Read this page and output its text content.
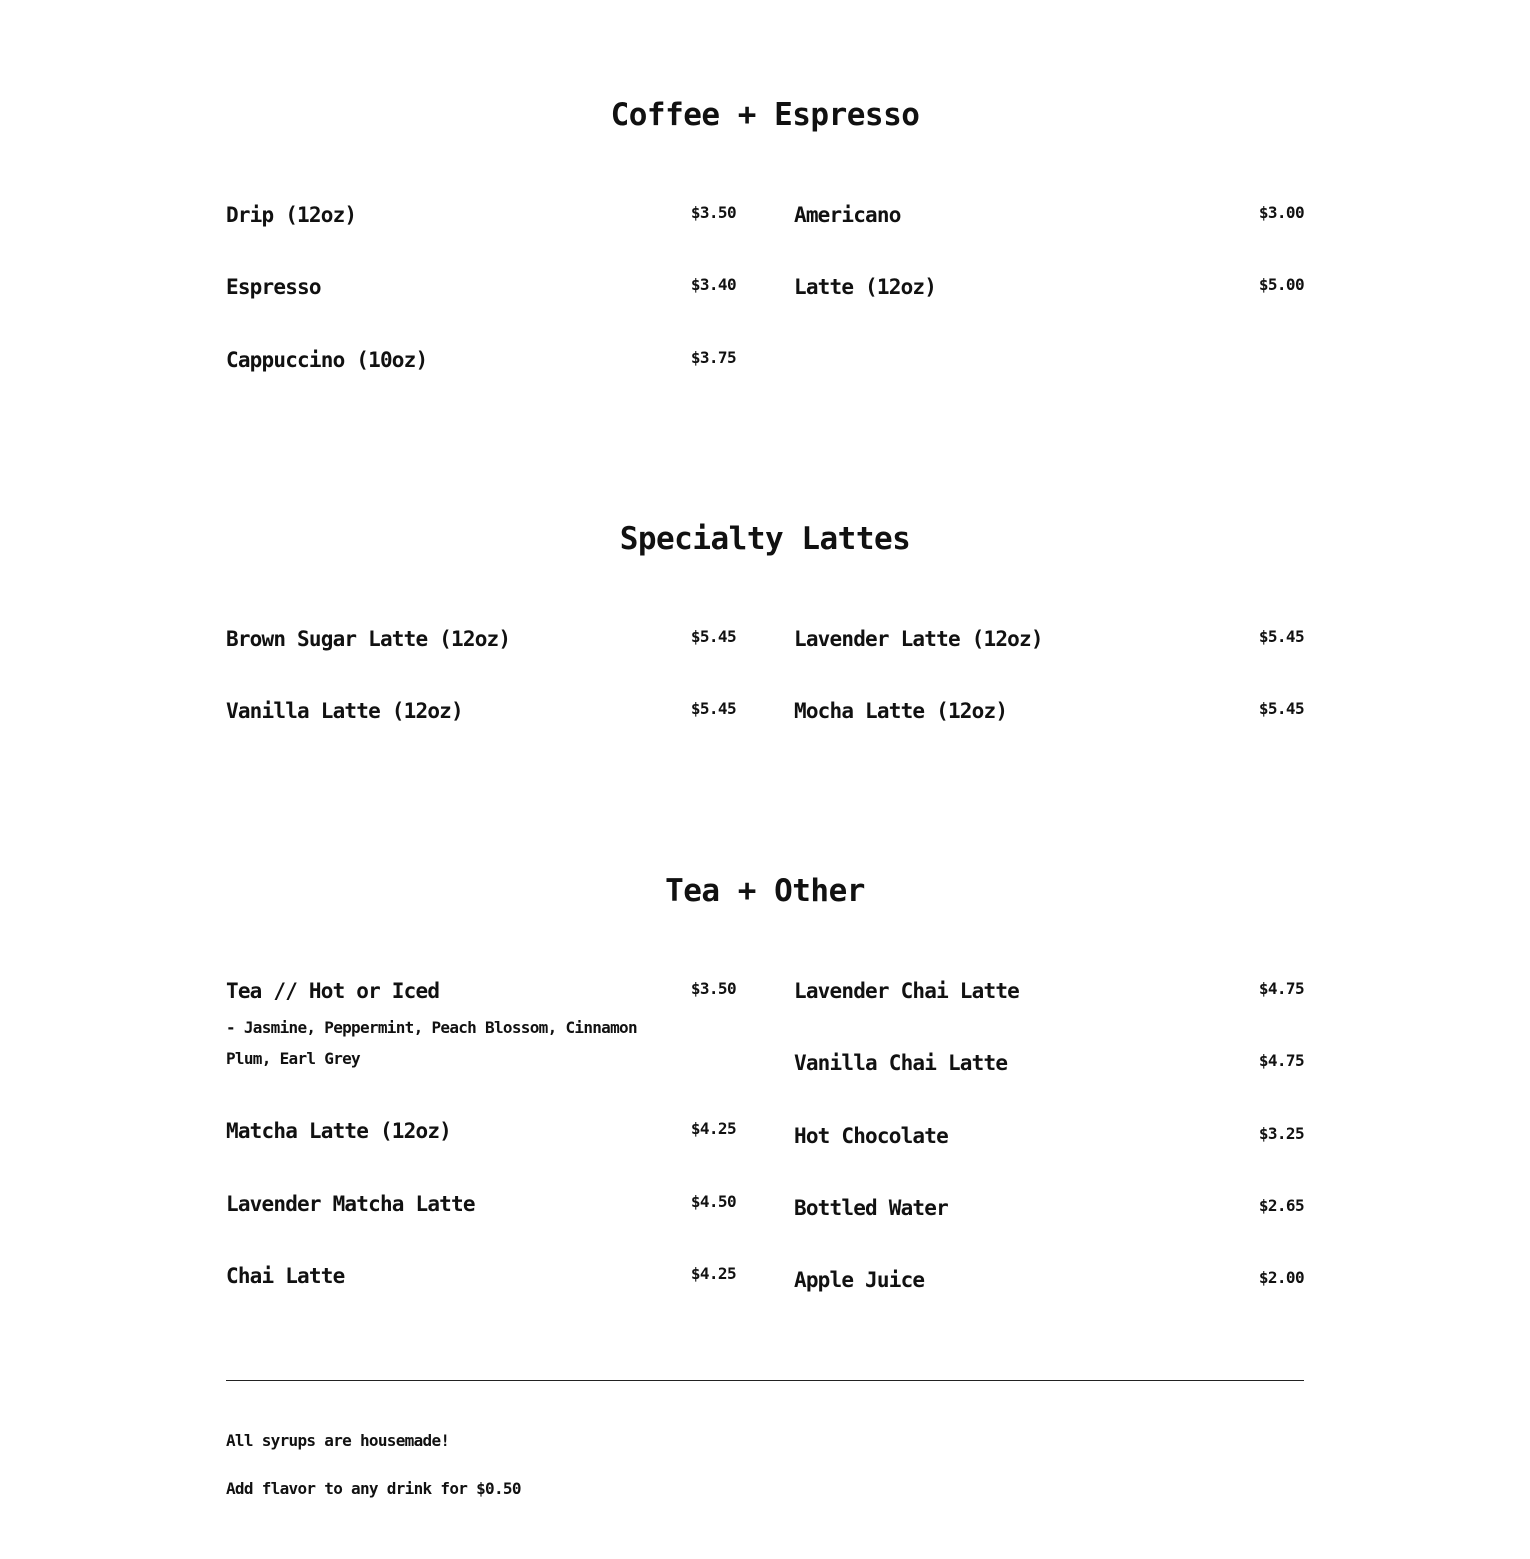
Coffee + Espresso
Drip (12oz)	$3.50
Espresso	$3.40
Cappuccino (10oz)	$3.75
Americano	$3.00
Latte (12oz)	$5.00
Specialty Lattes
Brown Sugar Latte (12oz)	$5.45
Vanilla Latte (12oz)	$5.45
Lavender Latte (12oz)	$5.45
Mocha Latte (12oz)	$5.45
Tea + Other
Tea // Hot or Iced	$3.50
- Jasmine, Peppermint, Peach Blossom, Cinnamon Plum, Earl Grey
Matcha Latte (12oz)	$4.25
Lavender Matcha Latte	$4.50
Chai Latte	$4.25
Lavender Chai Latte	$4.75
Vanilla Chai Latte	$4.75
Hot Chocolate	$3.25
Bottled Water	$2.65
Apple Juice	$2.00
All syrups are housemade!
Add flavor to any drink for $0.50
